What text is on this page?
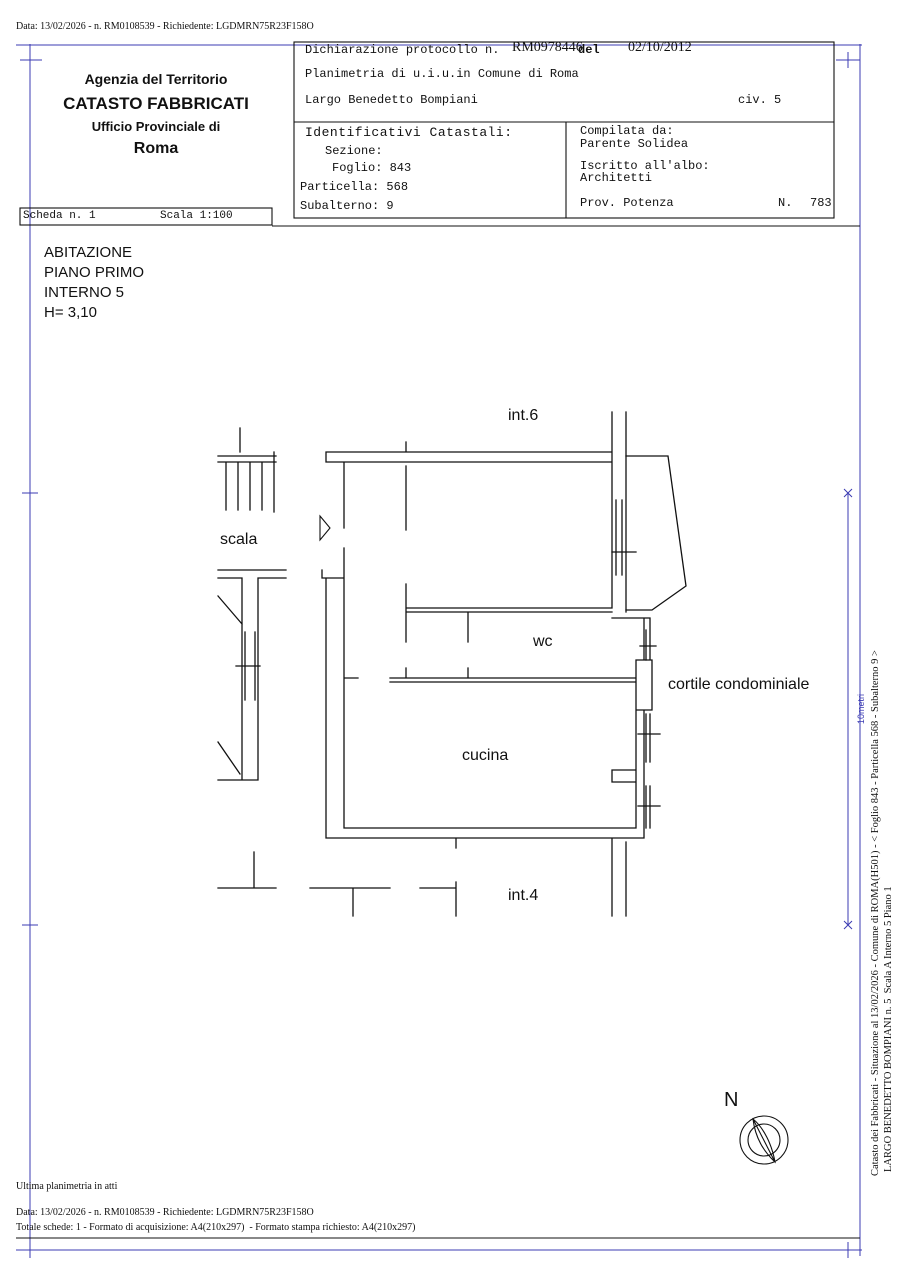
10metri Catasto dei Fabbricati - Situazione al 13/02/2026 - Comune di ROMA(H501) - < Foglio 843 - Particella 568 - Subalterno 9 > LARGO BENEDETTO BOMPIANI n. 5  Scala A Interno 5 Piano 1
Data: 13/02/2026 - n. RM0108539 - Richiedente: LGDMRN75R23F158O
Agenzia del Territorio
CATASTO FABBRICATI
Ufficio Provinciale di
Roma
Dichiarazione protocollo n. RM0978446
del 02/10/2012
Planimetria di u.i.u.in Comune di Roma
Largo Benedetto Bompiani	civ. 5
Identificativi Catastali:
Sezione:
Foglio: 843
Particella: 568
Subalterno: 9
Compilata da:
Parente Solidea
Iscritto all'albo:
Architetti
Prov. Potenza	N. 783
Scheda n. 1	Scala 1:100
ABITAZIONE
PIANO PRIMO
INTERNO 5
H= 3,10
int.6
scala
wc
cortile condominiale
cucina
int.4
N
Ultima planimetria in atti
Data: 13/02/2026 - n. RM0108539 - Richiedente: LGDMRN75R23F158O
Totale schede: 1 - Formato di acquisizione: A4(210x297)  - Formato stampa richiesto: A4(210x297)
